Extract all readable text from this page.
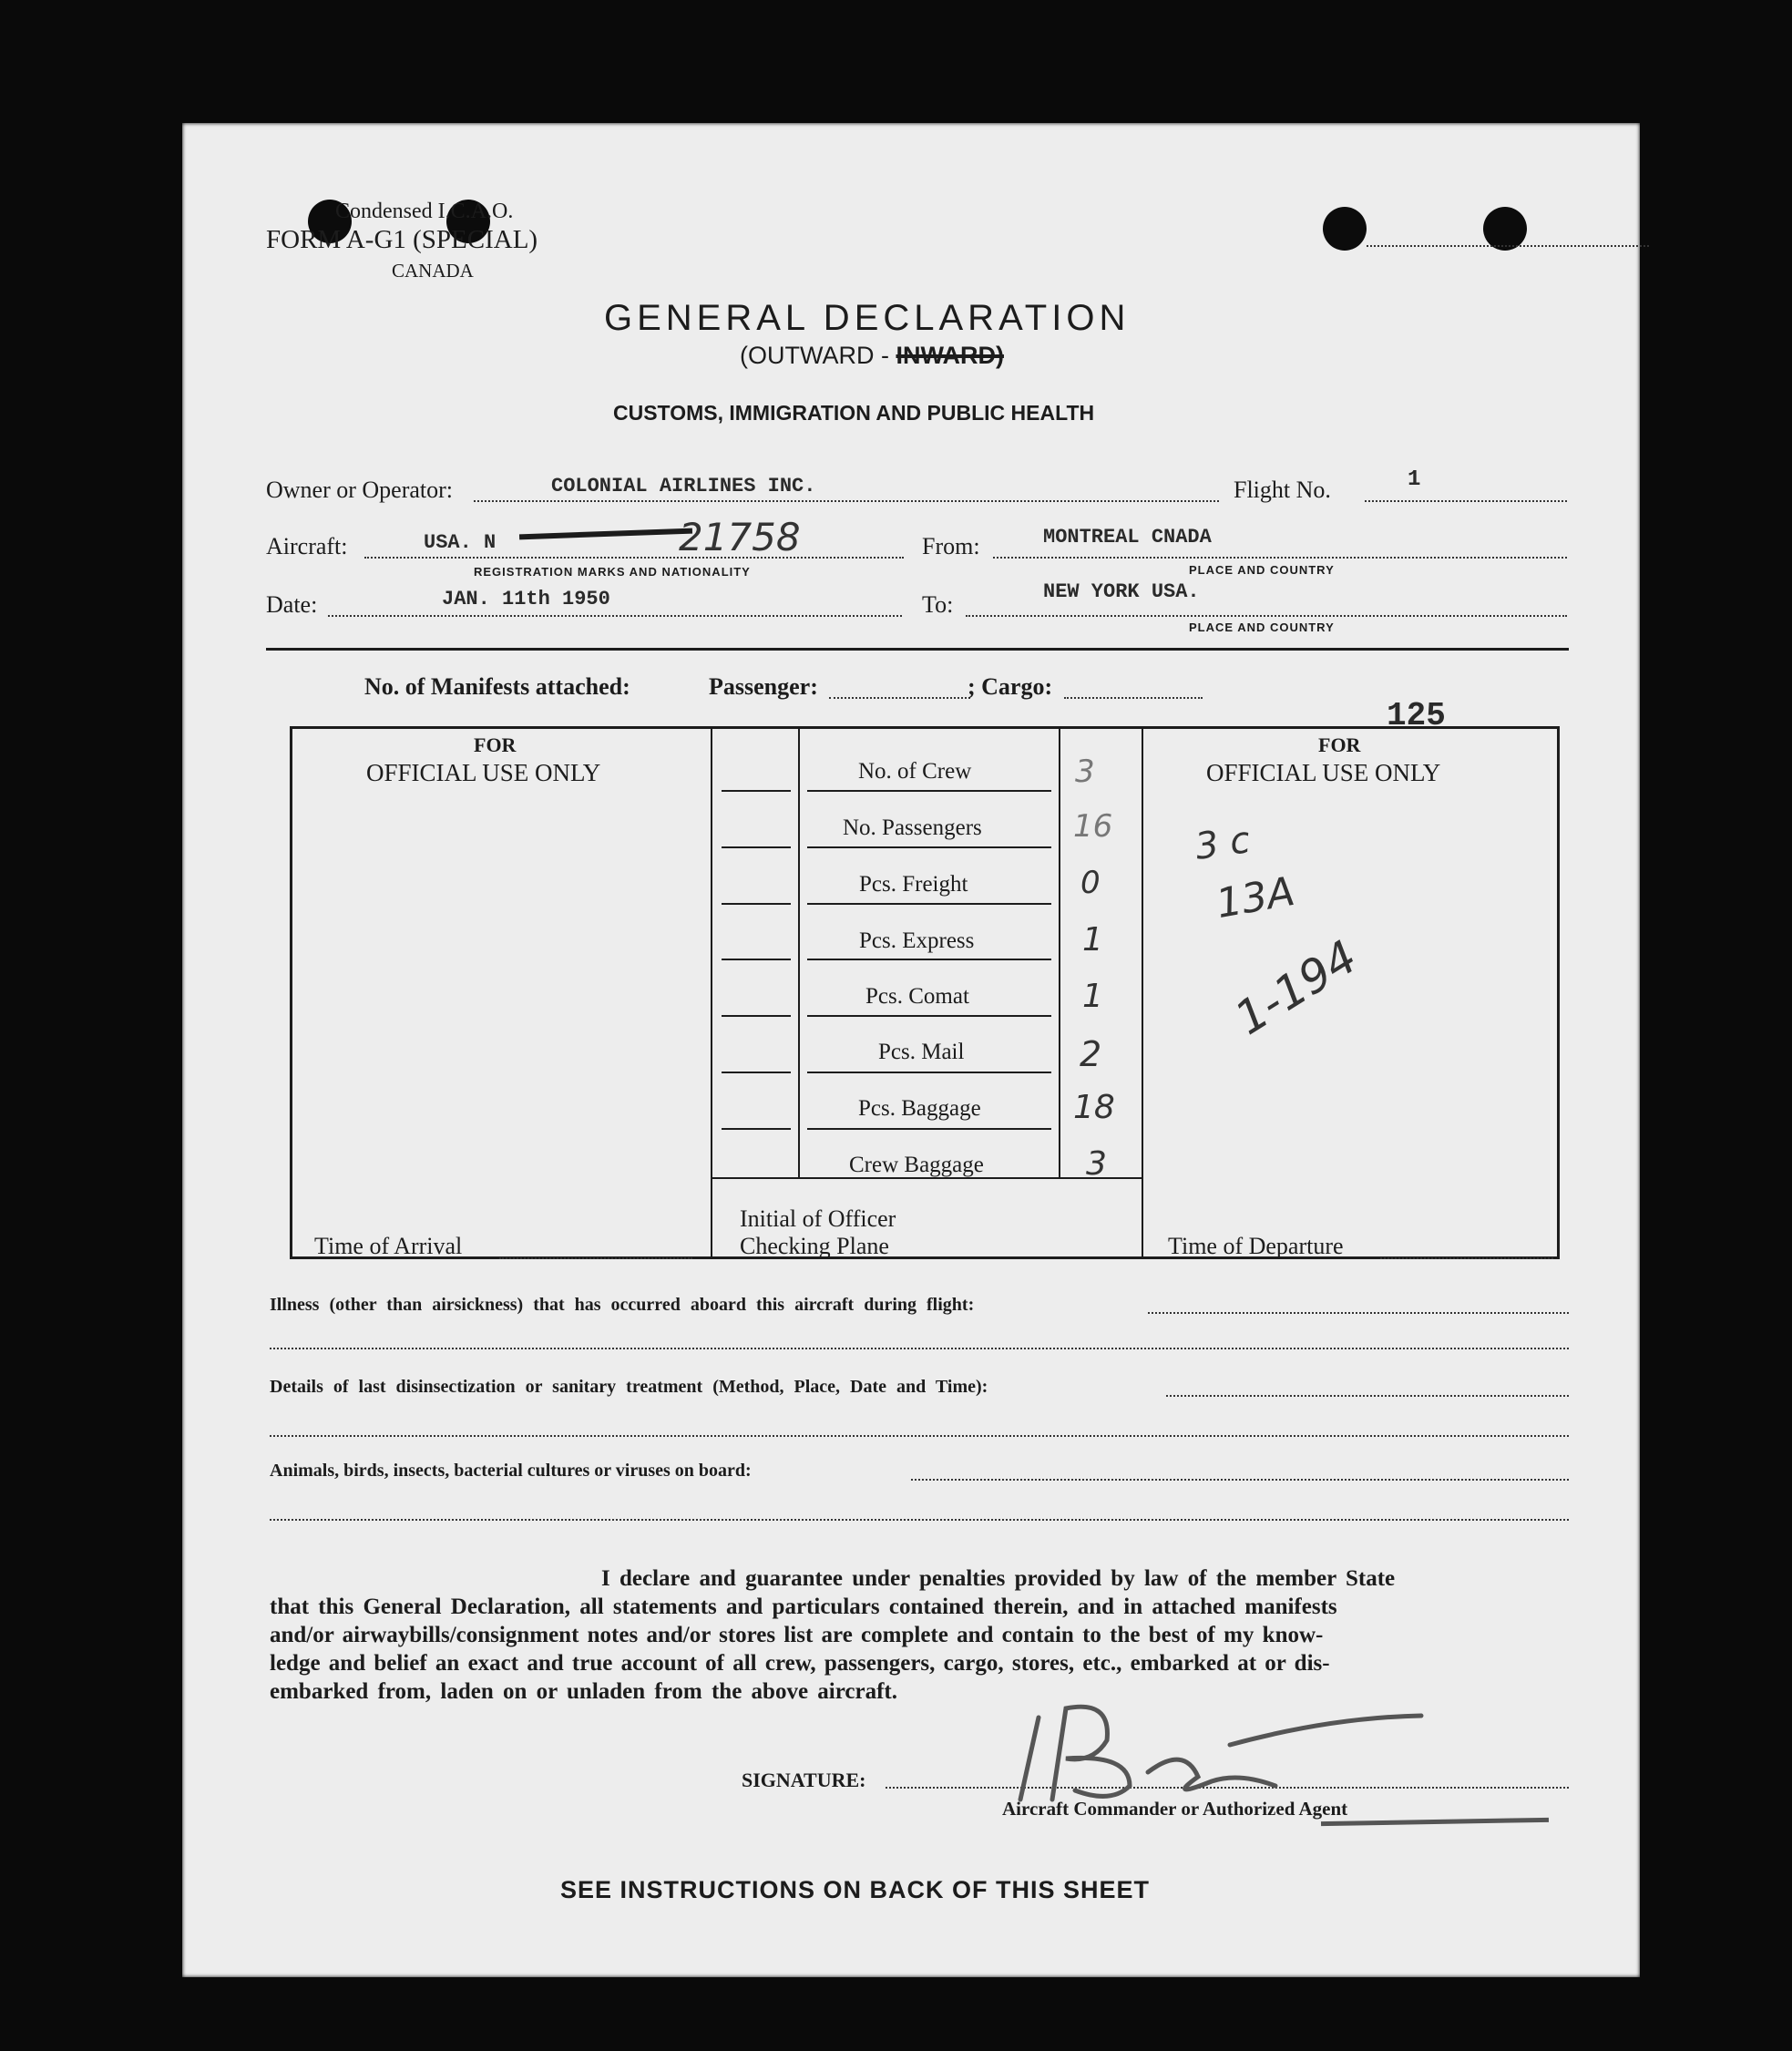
Condensed I.C.A.O.
FORM A-G1 (SPECIAL)
CANADA
GENERAL DECLARATION
(OUTWARD - INWARD)
CUSTOMS, IMMIGRATION AND PUBLIC HEALTH
Owner or Operator:	COLONIAL AIRLINES INC.	Flight No.	1
Aircraft:	USA. N	21758
REGISTRATION MARKS AND NATIONALITY
From:	MONTREAL CNADA
PLACE AND COUNTRY
Date:	JAN. 11th 1950	To:	NEW YORK USA.
PLACE AND COUNTRY
No. of Manifests attached:	Passenger:	; Cargo:
125
FOR
OFFICIAL USE ONLY
Time of Arrival
FOR
OFFICIAL USE ONLY
3 c
13A
1-194
Time of Departure
No. of Crew	3
No. Passengers	16
Pcs. Freight	0
Pcs. Express	1
Pcs. Comat	1
Pcs. Mail	2
Pcs. Baggage	18
Crew Baggage	3
Initial of Officer
Checking Plane
Illness (other than airsickness) that has occurred aboard this aircraft during flight:
Details of last disinsectization or sanitary treatment (Method, Place, Date and Time):
Animals, birds, insects, bacterial cultures or viruses on board:
I declare and guarantee under penalties provided by law of the member State
that this General Declaration, all statements and particulars contained therein, and in attached manifests
and/or airwaybills/consignment notes and/or stores list are complete and contain to the best of my know-
ledge and belief an exact and true account of all crew, passengers, cargo, stores, etc., embarked at or dis-
embarked from, laden on or unladen from the above aircraft.
SIGNATURE:
Aircraft Commander or Authorized Agent
SEE INSTRUCTIONS ON BACK OF THIS SHEET
